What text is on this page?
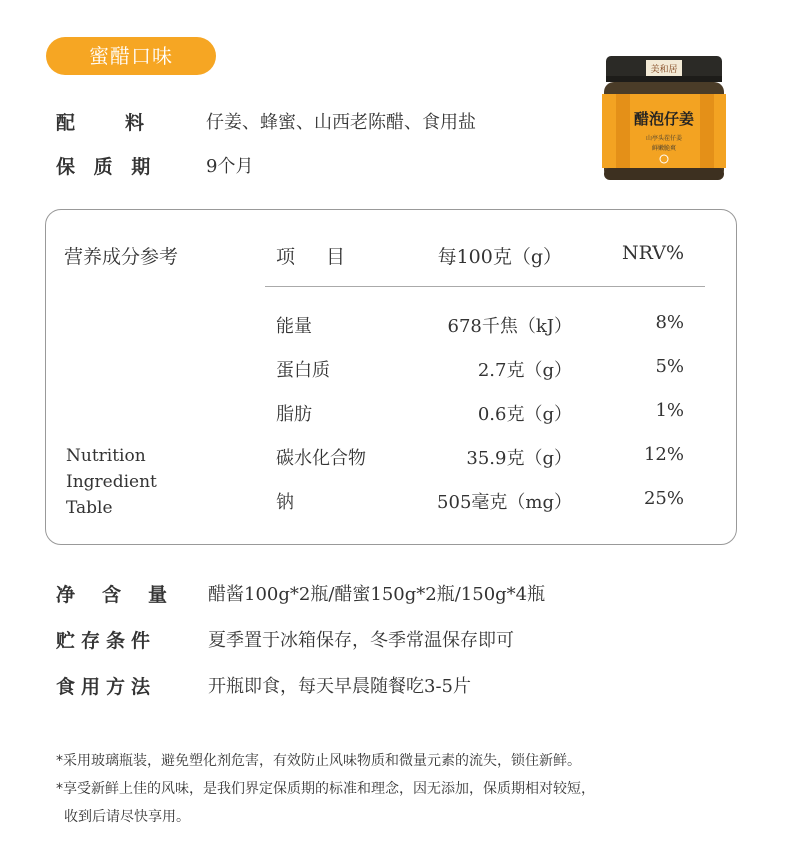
蜜醋口味
配　　料	仔姜、蜂蜜、山西老陈醋、食用盐
保 质 期	9个月
美和居
醋泡仔姜
山亭头茬仔姜
鲜嫩脆爽
营养成分参考
Nutrition
Ingredient
Table
项　目	每100克（g）	NRV%
能量	678千焦（kJ）	8%
蛋白质	2.7克（g）	5%
脂肪	0.6克（g）	1%
碳水化合物	35.9克（g）	12%
钠	505毫克（mg）	25%
净　含　量 醋酱100g*2瓶/醋蜜150g*2瓶/150g*4瓶
贮存条件	夏季置于冰箱保存，冬季常温保存即可
食用方法	开瓶即食，每天早晨随餐吃3-5片
*采用玻璃瓶装，避免塑化剂危害，有效防止风味物质和微量元素的流失，锁住新鲜。
*享受新鲜上佳的风味，是我们界定保质期的标准和理念，因无添加，保质期相对较短，
收到后请尽快享用。
